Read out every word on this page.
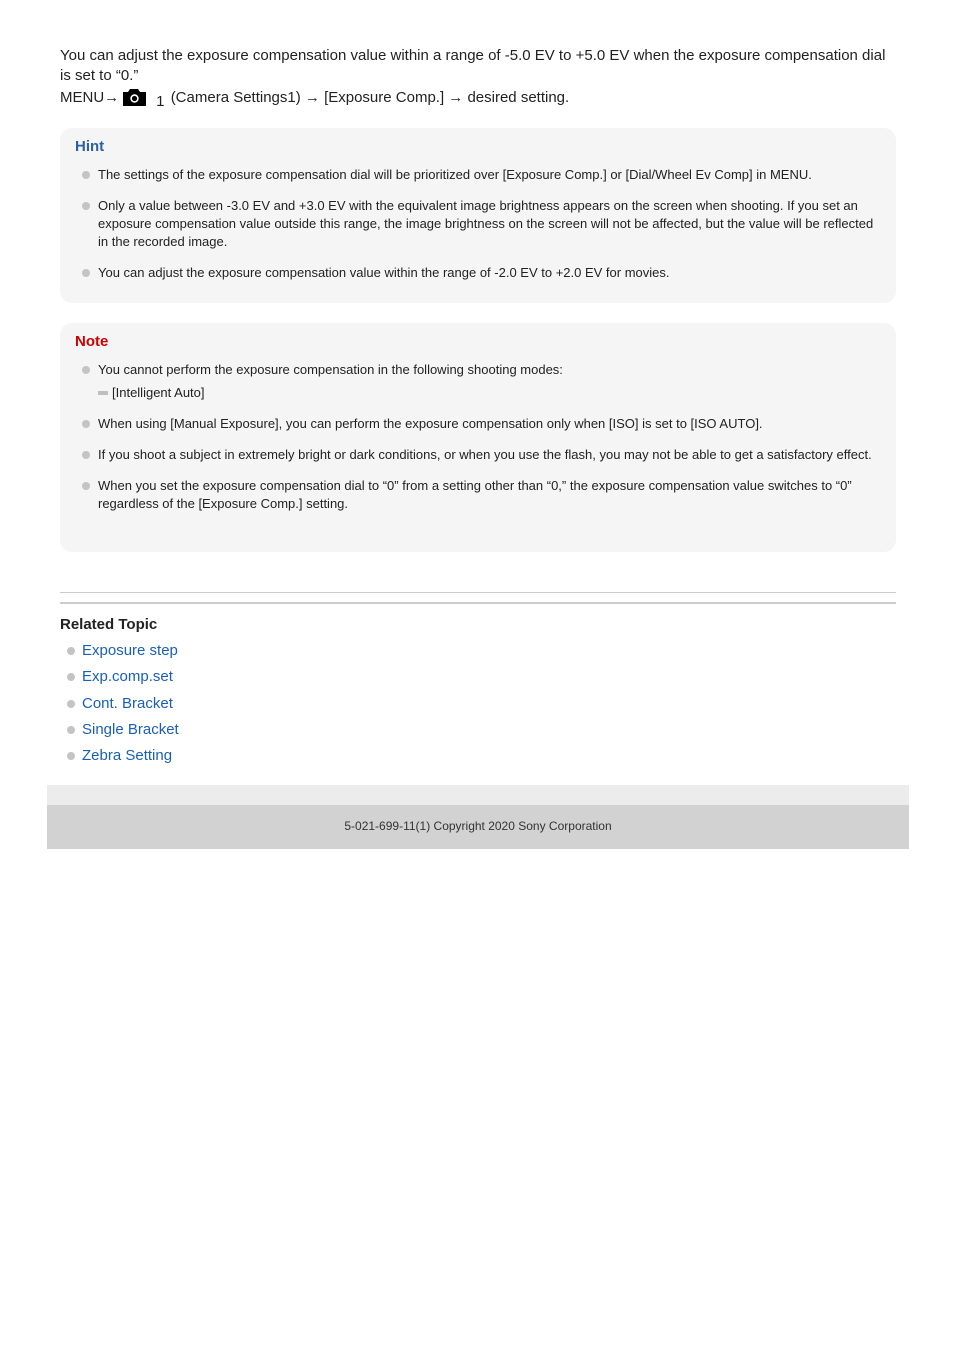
You can adjust the exposure compensation value within a range of -5.0 EV to +5.0 EV when the exposure compensation dial is set to “0.”

MENU→ 1 (Camera Settings1) → [Exposure Comp.] → desired setting.

Hint
The settings of the exposure compensation dial will be prioritized over [Exposure Comp.] or [Dial/Wheel Ev Comp] in MENU.
Only a value between -3.0 EV and +3.0 EV with the equivalent image brightness appears on the screen when shooting. If you set an exposure compensation value outside this range, the image brightness on the screen will not be affected, but the value will be reflected in the recorded image.
You can adjust the exposure compensation value within the range of -2.0 EV to +2.0 EV for movies.
Note
You cannot perform the exposure compensation in the following shooting modes:
[Intelligent Auto]
When using [Manual Exposure], you can perform the exposure compensation only when [ISO] is set to [ISO AUTO].
If you shoot a subject in extremely bright or dark conditions, or when you use the flash, you may not be able to get a satisfactory effect.
When you set the exposure compensation dial to “0” from a setting other than “0,” the exposure compensation value switches to “0” regardless of the [Exposure Comp.] setting.
Related Topic
Exposure step
Exp.comp.set
Cont. Bracket
Single Bracket
Zebra Setting
5-021-699-11(1) Copyright 2020 Sony Corporation
